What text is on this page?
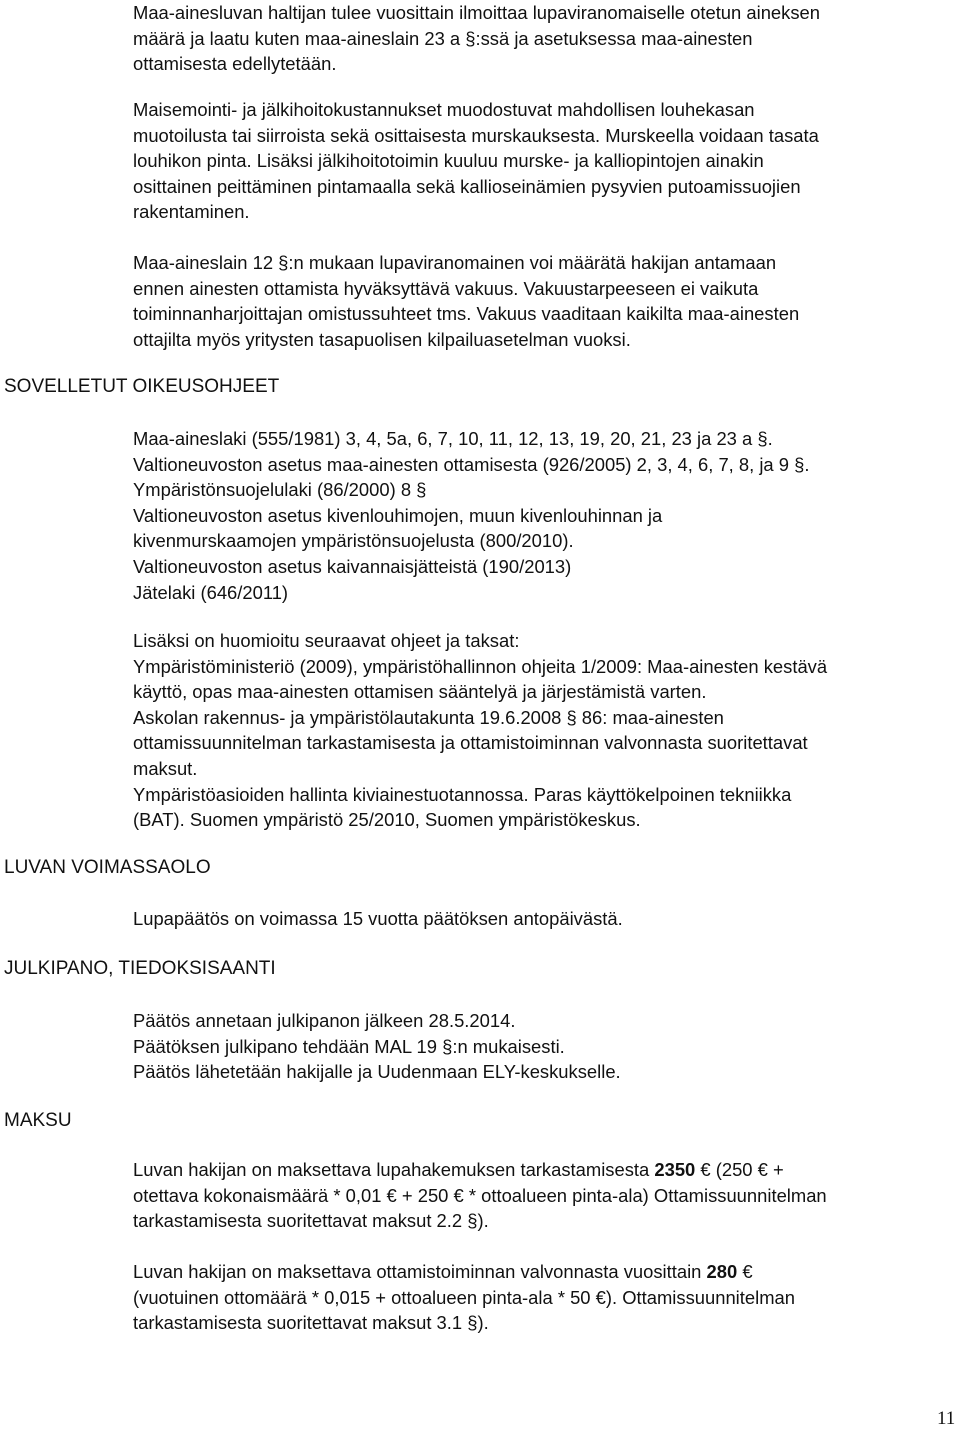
Maa-ainesluvan haltijan tulee vuosittain ilmoittaa lupaviranomaiselle otetun aineksen
määrä ja laatu kuten maa-aineslain 23 a §:ssä ja asetuksessa maa-ainesten
ottamisesta edellytetään.
Maisemointi- ja jälkihoitokustannukset muodostuvat mahdollisen louhekasan
muotoilusta tai siirroista sekä osittaisesta murskauksesta. Murskeella voidaan tasata
louhikon pinta. Lisäksi jälkihoitotoimin kuuluu murske- ja kalliopintojen ainakin
osittainen peittäminen pintamaalla sekä kallioseinämien pysyvien putoamissuojien
rakentaminen.
Maa-aineslain 12 §:n mukaan lupaviranomainen voi määrätä hakijan antamaan
ennen ainesten ottamista hyväksyttävä vakuus. Vakuustarpeeseen ei vaikuta
toiminnanharjoittajan omistussuhteet tms. Vakuus vaaditaan kaikilta maa-ainesten
ottajilta myös yritysten tasapuolisen kilpailuasetelman vuoksi.
SOVELLETUT OIKEUSOHJEET
Maa-aineslaki (555/1981) 3, 4, 5a, 6, 7, 10, 11, 12, 13, 19, 20, 21, 23 ja 23 a §.
Valtioneuvoston asetus maa-ainesten ottamisesta (926/2005) 2, 3, 4, 6, 7, 8, ja 9 §.
Ympäristönsuojelulaki (86/2000) 8 §
Valtioneuvoston asetus kivenlouhimojen, muun kivenlouhinnan ja
kivenmurskaamojen ympäristönsuojelusta (800/2010).
Valtioneuvoston asetus kaivannaisjätteistä (190/2013)
Jätelaki (646/2011)
Lisäksi on huomioitu seuraavat ohjeet ja taksat:
Ympäristöministeriö (2009), ympäristöhallinnon ohjeita 1/2009: Maa-ainesten kestävä
käyttö, opas maa-ainesten ottamisen sääntelyä ja järjestämistä varten.
Askolan rakennus- ja ympäristölautakunta 19.6.2008 § 86: maa-ainesten
ottamissuunnitelman tarkastamisesta ja ottamistoiminnan valvonnasta suoritettavat
maksut.
Ympäristöasioiden hallinta kiviainestuotannossa. Paras käyttökelpoinen tekniikka
(BAT). Suomen ympäristö 25/2010, Suomen ympäristökeskus.
LUVAN VOIMASSAOLO
Lupapäätös on voimassa 15 vuotta päätöksen antopäivästä.
JULKIPANO, TIEDOKSISAANTI
Päätös annetaan julkipanon jälkeen 28.5.2014.
Päätöksen julkipano tehdään MAL 19 §:n mukaisesti.
Päätös lähetetään hakijalle ja Uudenmaan ELY-keskukselle.
MAKSU
Luvan hakijan on maksettava lupahakemuksen tarkastamisesta 2350 € (250 € +
otettava kokonaismäärä * 0,01 € + 250 € * ottoalueen pinta-ala) Ottamissuunnitelman
tarkastamisesta suoritettavat maksut 2.2 §).
Luvan hakijan on maksettava ottamistoiminnan valvonnasta vuosittain 280 €
(vuotuinen ottomäärä * 0,015 + ottoalueen pinta-ala * 50 €). Ottamissuunnitelman
tarkastamisesta suoritettavat maksut 3.1 §).
11
